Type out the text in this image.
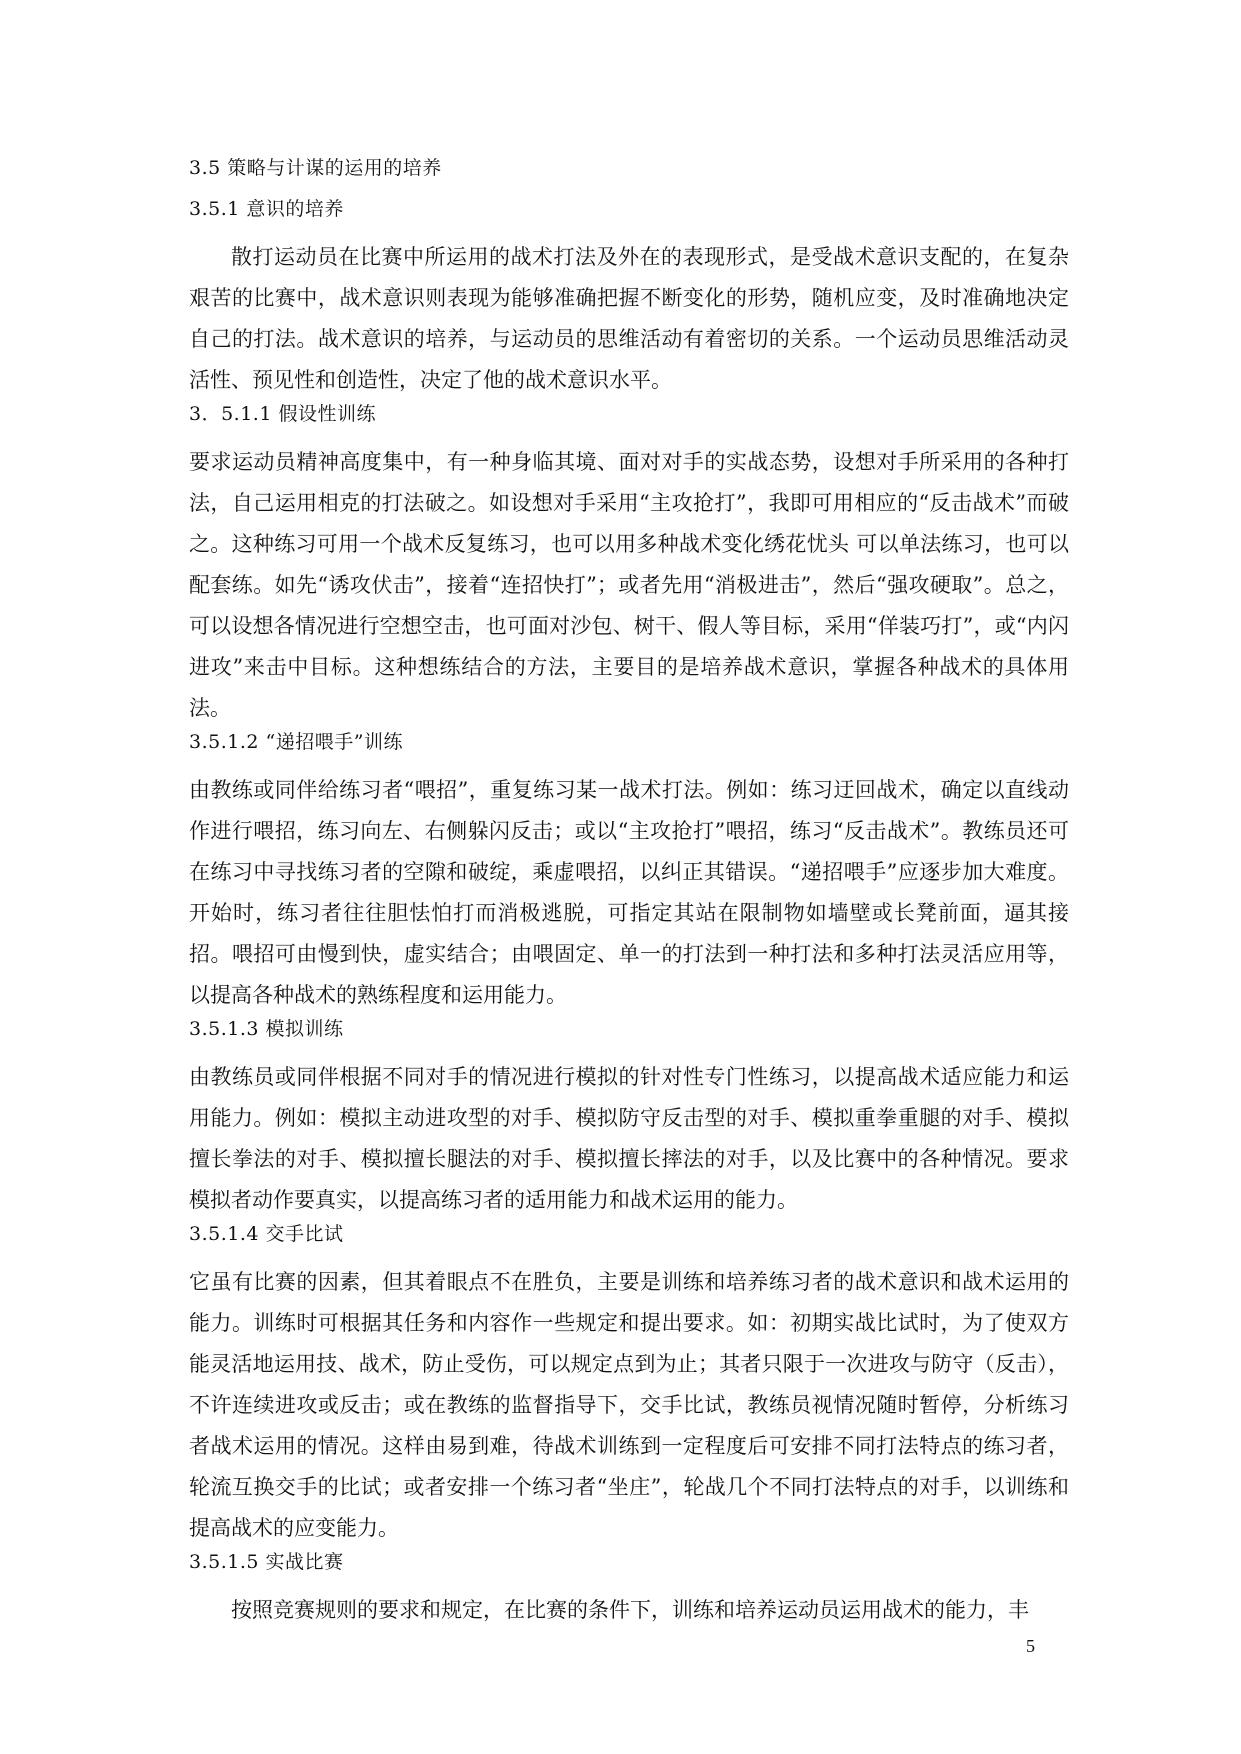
3.5 策略与计谋的运用的培养
3.5.1 意识的培养

散打运动员在比赛中所运用的战术打法及外在的表现形式，是受战术意识支配的，在复杂艰苦的比赛中，战术意识则表现为能够准确把握不断变化的形势，随机应变，及时准确地决定自己的打法。战术意识的培养，与运动员的思维活动有着密切的关系。一个运动员思维活动灵活性、预见性和创造性，决定了他的战术意识水平。

3．5.1.1 假设性训练

要求运动员精神高度集中，有一种身临其境、面对对手的实战态势，设想对手所采用的各种打法，自己运用相克的打法破之。如设想对手采用“主攻抢打”，我即可用相应的“反击战术”而破之。这种练习可用一个战术反复练习，也可以用多种战术变化绣花忧头 可以单法练习，也可以配套练。如先“诱攻伏击”，接着“连招快打”；或者先用“消极进击”，然后“强攻硬取”。总之，可以设想各情况进行空想空击，也可面对沙包、树干、假人等目标，采用“佯装巧打”，或“内闪进攻”来击中目标。这种想练结合的方法，主要目的是培养战术意识，掌握各种战术的具体用法。

3.5.1.2 “递招喂手”训练

由教练或同伴给练习者“喂招”，重复练习某一战术打法。例如：练习迂回战术，确定以直线动作进行喂招，练习向左、右侧躲闪反击；或以“主攻抢打”喂招，练习“反击战术”。教练员还可在练习中寻找练习者的空隙和破绽，乘虚喂招，以纠正其错误。“递招喂手”应逐步加大难度。开始时，练习者往往胆怯怕打而消极逃脱，可指定其站在限制物如墙壁或长凳前面，逼其接招。喂招可由慢到快，虚实结合；由喂固定、单一的打法到一种打法和多种打法灵活应用等，以提高各种战术的熟练程度和运用能力。

3.5.1.3 模拟训练

由教练员或同伴根据不同对手的情况进行模拟的针对性专门性练习，以提高战术适应能力和运用能力。例如：模拟主动进攻型的对手、模拟防守反击型的对手、模拟重拳重腿的对手、模拟擅长拳法的对手、模拟擅长腿法的对手、模拟擅长摔法的对手，以及比赛中的各种情况。要求模拟者动作要真实，以提高练习者的适用能力和战术运用的能力。

3.5.1.4 交手比试

它虽有比赛的因素，但其着眼点不在胜负，主要是训练和培养练习者的战术意识和战术运用的能力。训练时可根据其任务和内容作一些规定和提出要求。如：初期实战比试时，为了使双方能灵活地运用技、战术，防止受伤，可以规定点到为止；其者只限于一次进攻与防守（反击），不许连续进攻或反击；或在教练的监督指导下，交手比试，教练员视情况随时暂停，分析练习者战术运用的情况。这样由易到难，待战术训练到一定程度后可安排不同打法特点的练习者，轮流互换交手的比试；或者安排一个练习者“坐庄”，轮战几个不同打法特点的对手，以训练和提高战术的应变能力。

3.5.1.5 实战比赛

按照竞赛规则的要求和规定，在比赛的条件下，训练和培养运动员运用战术的能力，丰

5
